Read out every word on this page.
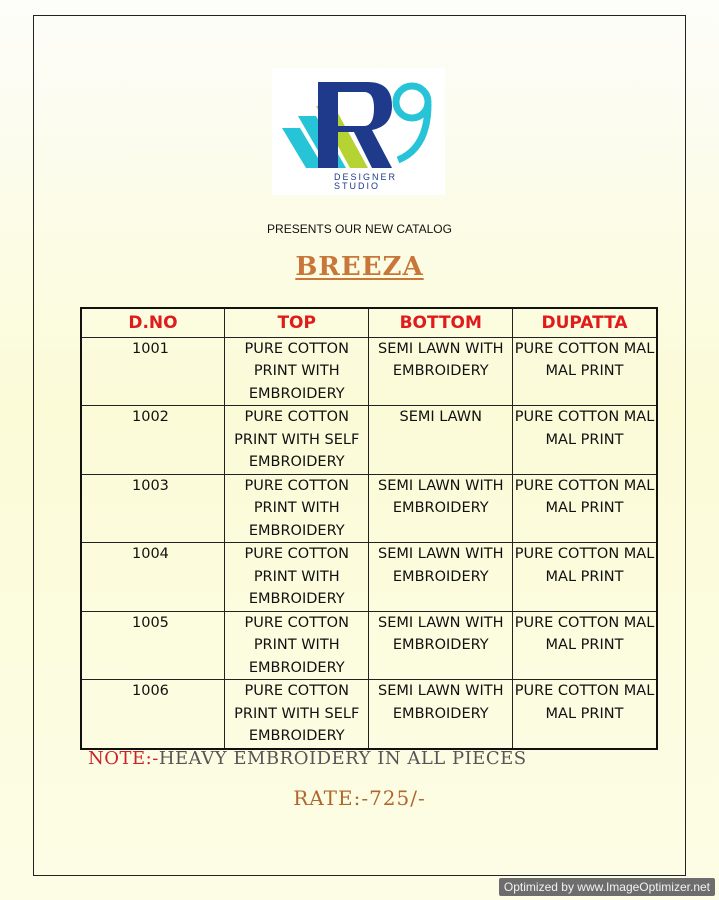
DESIGNER
STUDIO
PRESENTS OUR NEW CATALOG
BREEZA
D.NO	TOP	BOTTOM	DUPATTA
1001	PURE COTTON PRINT WITH EMBROIDERY	SEMI LAWN WITH EMBROIDERY	PURE COTTON MAL MAL PRINT
1002	PURE COTTON PRINT WITH SELF EMBROIDERY	SEMI LAWN	PURE COTTON MAL MAL PRINT
1003	PURE COTTON PRINT WITH EMBROIDERY	SEMI LAWN WITH EMBROIDERY	PURE COTTON MAL MAL PRINT
1004	PURE COTTON PRINT WITH EMBROIDERY	SEMI LAWN WITH EMBROIDERY	PURE COTTON MAL MAL PRINT
1005	PURE COTTON PRINT WITH EMBROIDERY	SEMI LAWN WITH EMBROIDERY	PURE COTTON MAL MAL PRINT
1006	PURE COTTON PRINT WITH SELF EMBROIDERY	SEMI LAWN WITH EMBROIDERY	PURE COTTON MAL MAL PRINT
NOTE:-HEAVY EMBROIDERY IN ALL PIECES
RATE:-725/-
Optimized by www.ImageOptimizer.net
